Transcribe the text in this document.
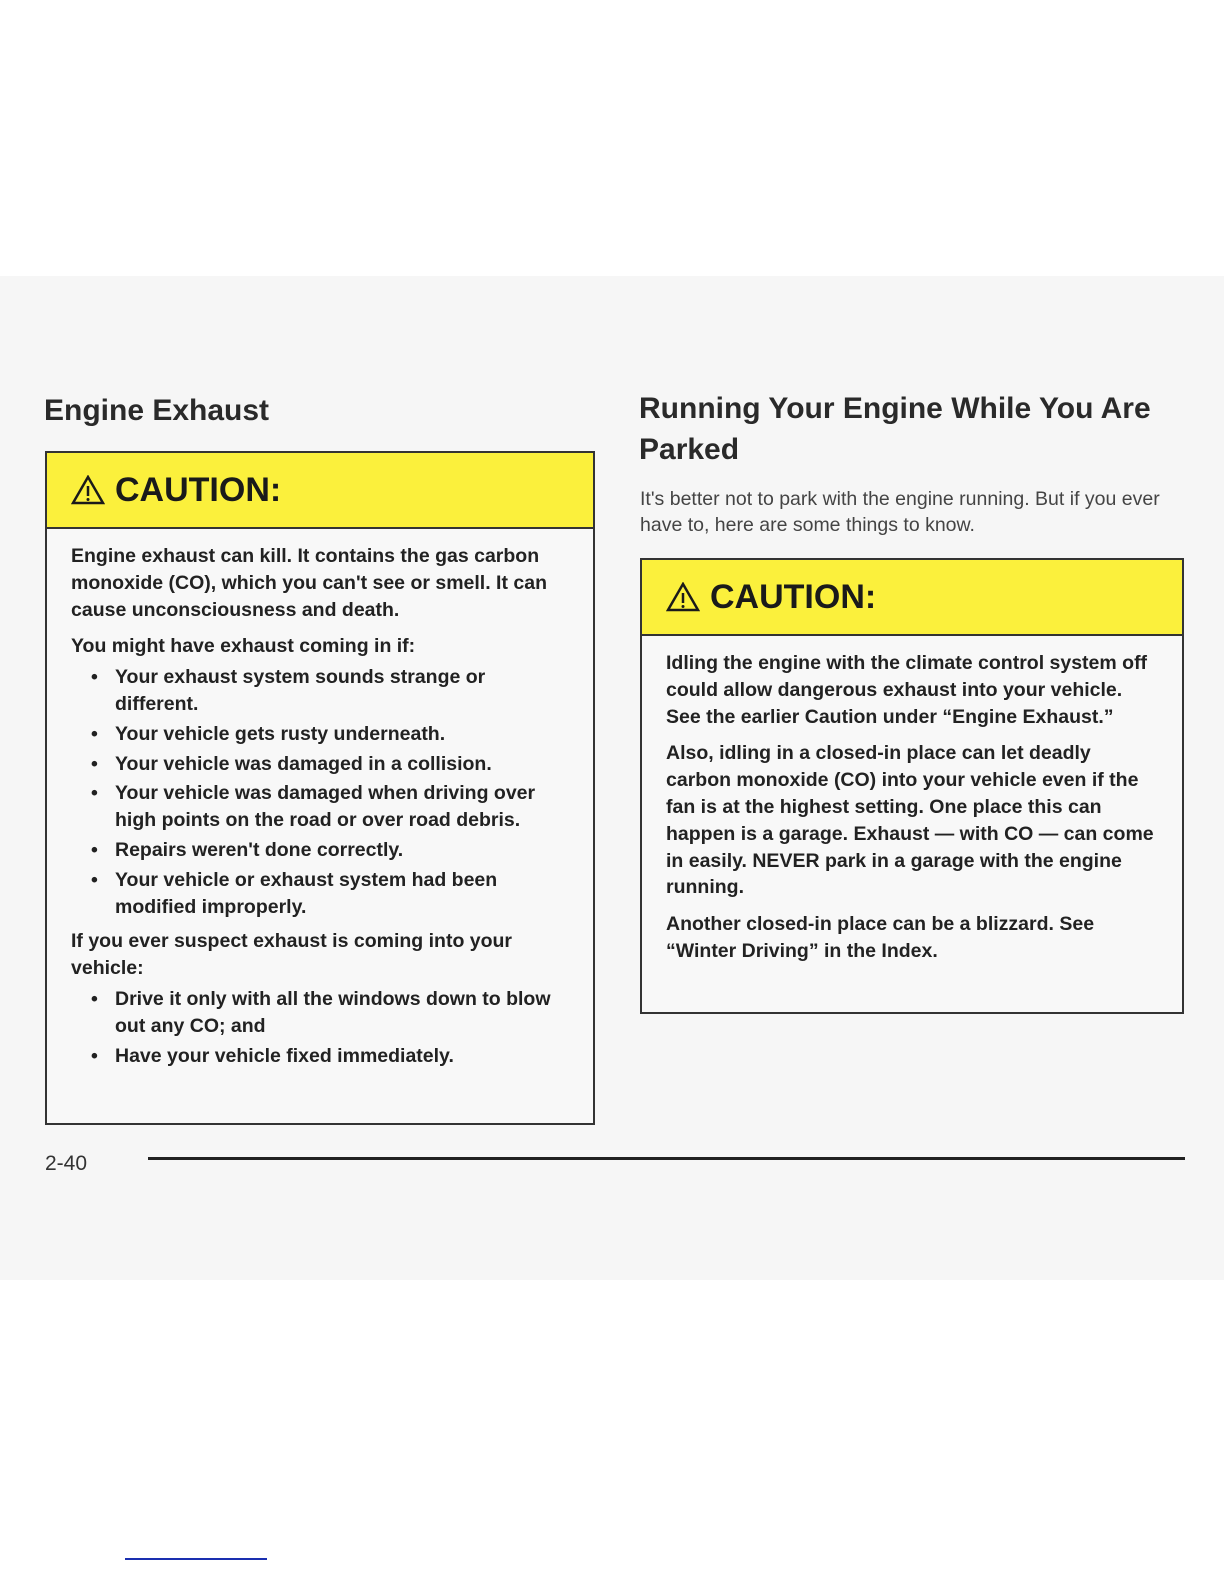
Engine Exhaust
CAUTION:

Engine exhaust can kill. It contains the gas carbon monoxide (CO), which you can't see or smell. It can cause unconsciousness and death.

You might have exhaust coming in if:

• Your exhaust system sounds strange or different.
• Your vehicle gets rusty underneath.
• Your vehicle was damaged in a collision.
• Your vehicle was damaged when driving over high points on the road or over road debris.
• Repairs weren't done correctly.
• Your vehicle or exhaust system had been modified improperly.

If you ever suspect exhaust is coming into your vehicle:

• Drive it only with all the windows down to blow out any CO; and
• Have your vehicle fixed immediately.
Running Your Engine While You Are Parked
It's better not to park with the engine running. But if you ever have to, here are some things to know.
CAUTION:

Idling the engine with the climate control system off could allow dangerous exhaust into your vehicle. See the earlier Caution under “Engine Exhaust.”

Also, idling in a closed-in place can let deadly carbon monoxide (CO) into your vehicle even if the fan is at the highest setting. One place this can happen is a garage. Exhaust — with CO — can come in easily. NEVER park in a garage with the engine running.

Another closed-in place can be a blizzard. See “Winter Driving” in the Index.

2-40
